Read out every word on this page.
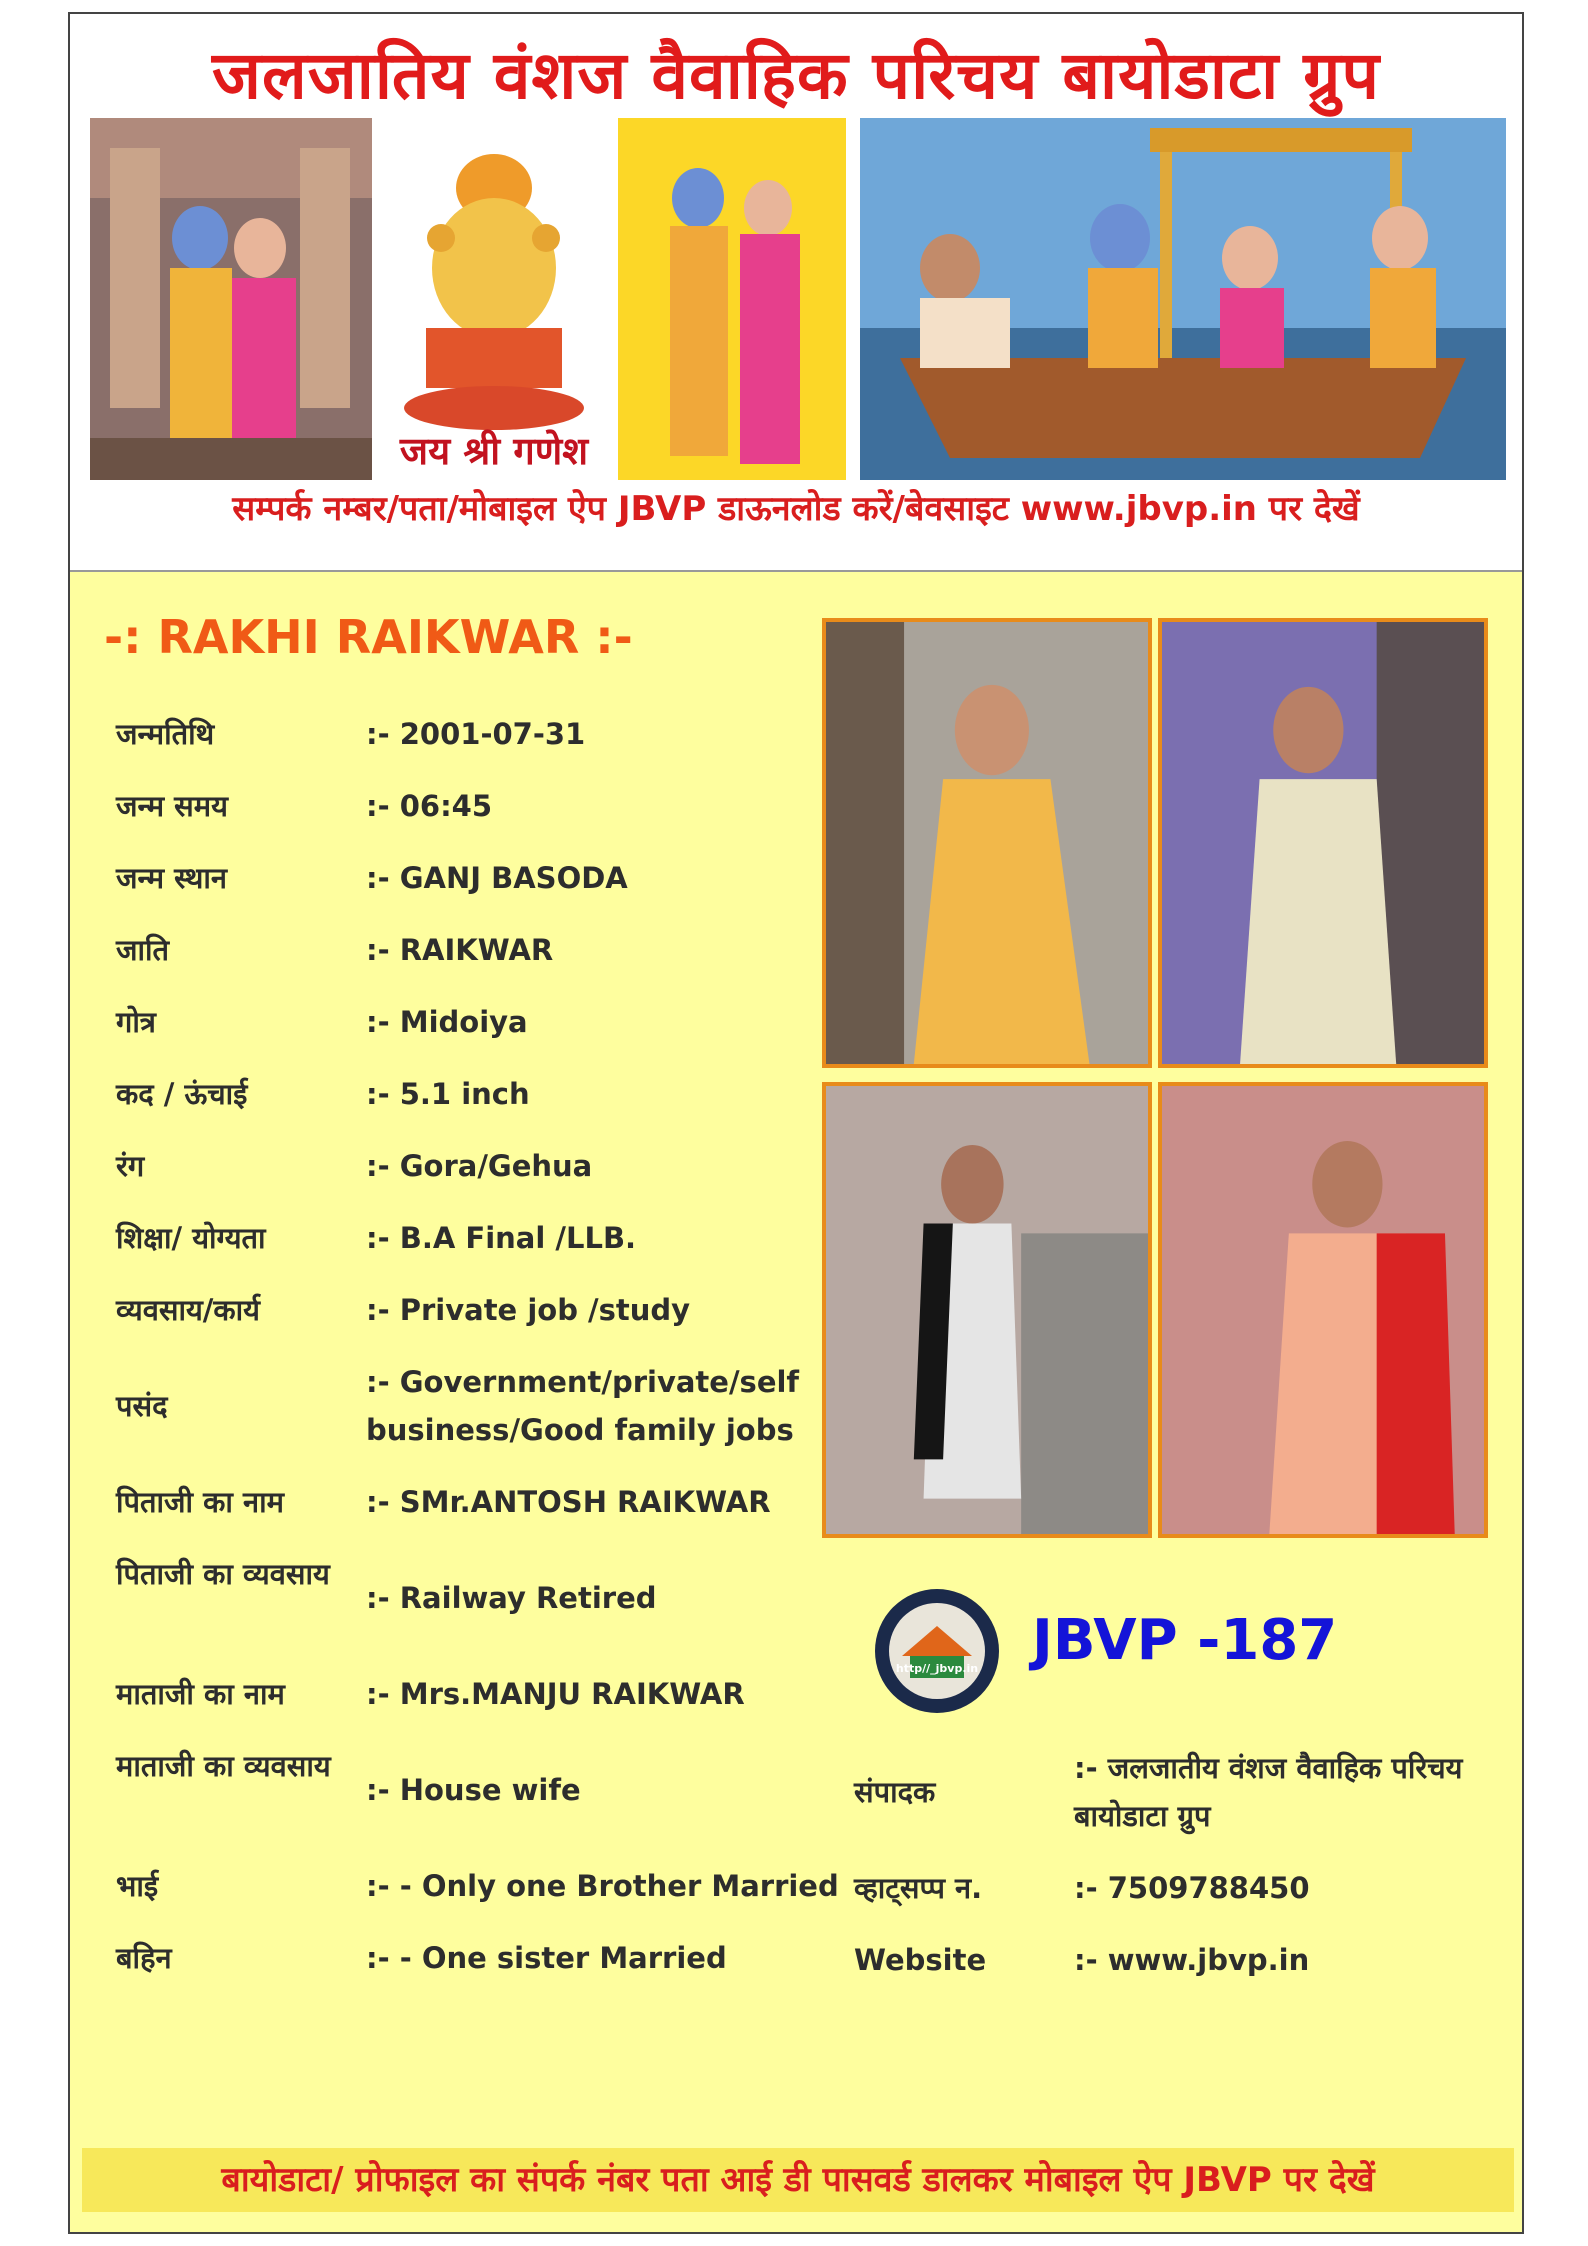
जलजातिय वंशज वैवाहिक परिचय बायोडाटा ग्रुप
जय श्री गणेश
सम्पर्क नम्बर/पता/मोबाइल ऐप JBVP डाऊनलोड करें/बेवसाइट www.jbvp.in पर देखें
-: RAKHI RAIKWAR :-
जन्मतिथि	:- 2001-07-31
जन्म समय	:- 06:45
जन्म स्थान	:- GANJ BASODA
जाति	:- RAIKWAR
गोत्र	:- Midoiya
कद / ऊंचाई	:- 5.1 inch
रंग	:- Gora/Gehua
शिक्षा/ योग्यता	:- B.A Final /LLB.
व्यवसाय/कार्य	:- Private job /study
पसंद
:- Government/private/self business/Good family jobs
पिताजी का नाम	:- SMr.ANTOSH RAIKWAR
पिताजी का व्यवसाय
:- Railway Retired
माताजी का नाम	:- Mrs.MANJU RAIKWAR
माताजी का व्यवसाय
:- House wife
भाई	:- - Only one Brother Married
बहिन	:- - One sister Married
http//_jbvp.in JBVP -187
संपादक
:- जलजातीय वंशज वैवाहिक परिचय बायोडाटा ग्रुप
व्हाट्सप्प न.	:- 7509788450
Website	:- www.jbvp.in
बायोडाटा/ प्रोफाइल का संपर्क नंबर पता आई डी पासवर्ड डालकर मोबाइल ऐप JBVP पर देखें
